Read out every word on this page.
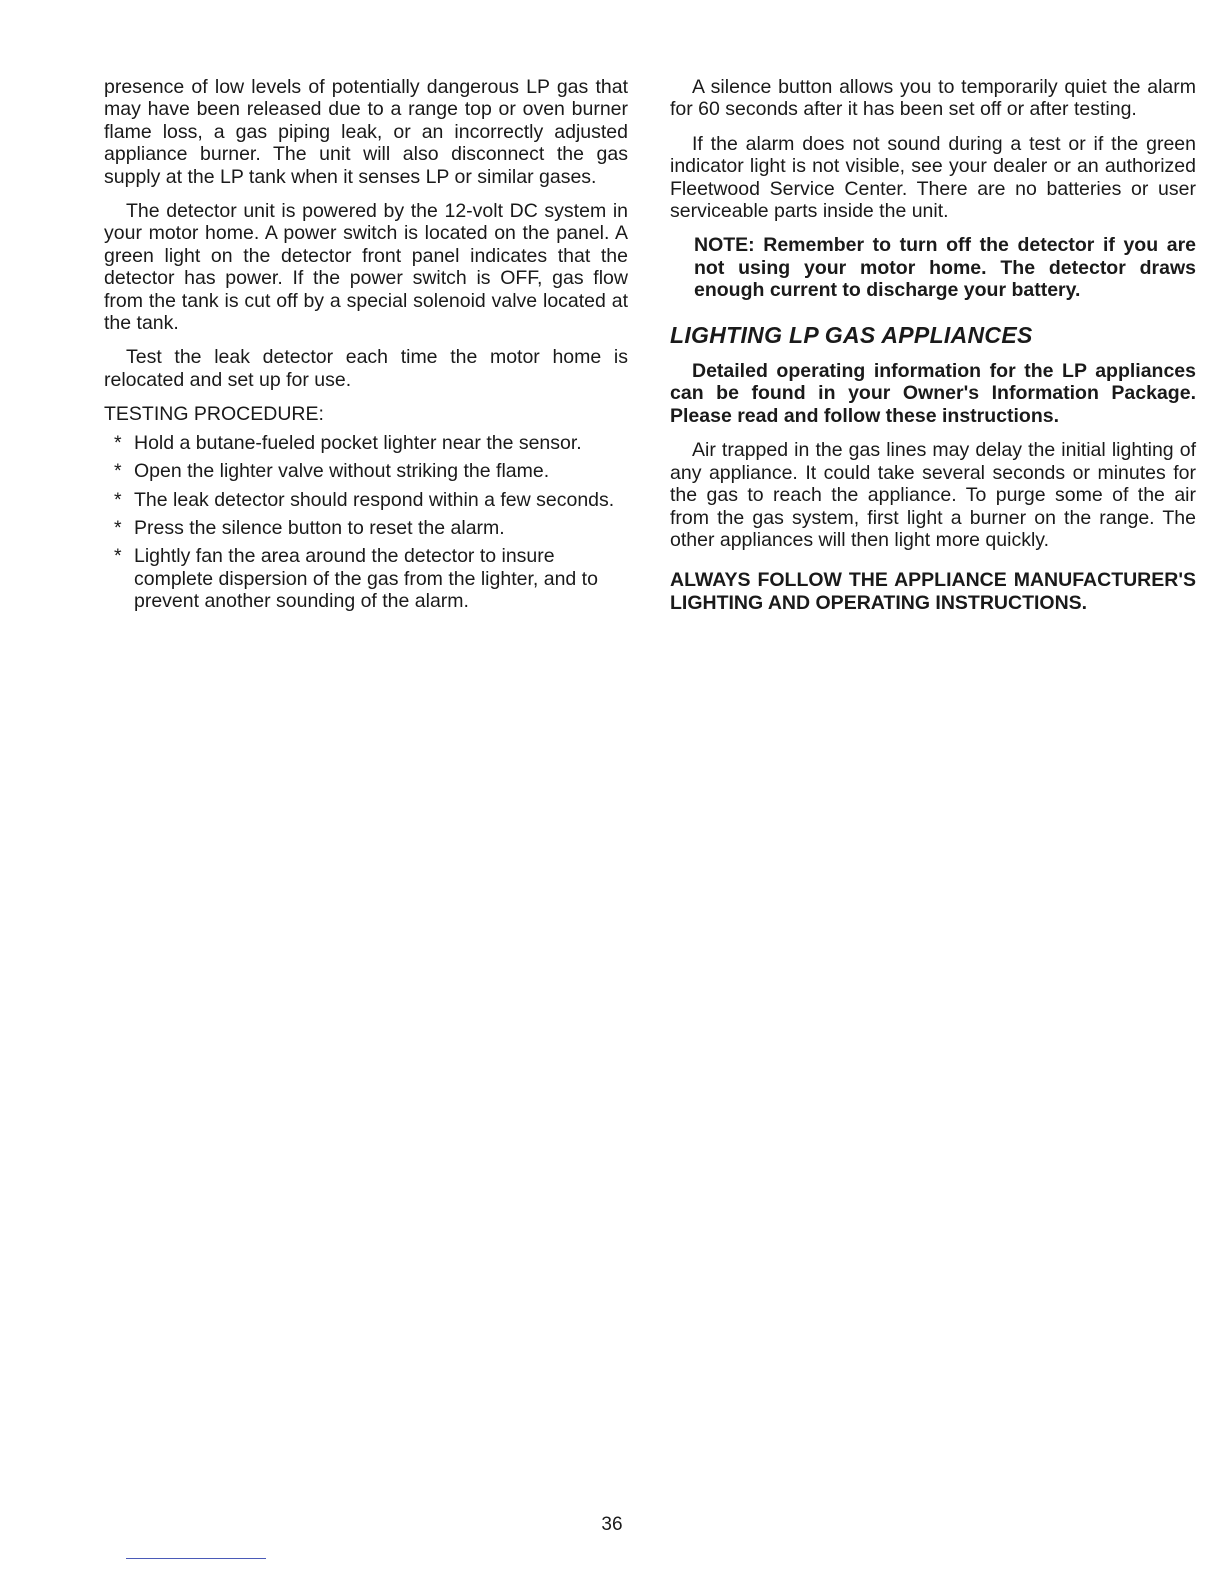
presence of low levels of potentially dangerous LP gas that may have been released due to a range top or oven burner flame loss, a gas piping leak, or an incorrectly adjusted appliance burner. The unit will also disconnect the gas supply at the LP tank when it senses LP or similar gases.

The detector unit is powered by the 12-volt DC system in your motor home. A power switch is located on the panel. A green light on the detector front panel indicates that the detector has power. If the power switch is OFF, gas flow from the tank is cut off by a special solenoid valve located at the tank.

Test the leak detector each time the motor home is relocated and set up for use.

TESTING PROCEDURE:
* Hold a butane-fueled pocket lighter near the sensor.
* Open the lighter valve without striking the flame.
* The leak detector should respond within a few seconds.
* Press the silence button to reset the alarm.
* Lightly fan the area around the detector to insure complete dispersion of the gas from the lighter, and to prevent another sounding of the alarm.

A silence button allows you to temporarily quiet the alarm for 60 seconds after it has been set off or after testing.

If the alarm does not sound during a test or if the green indicator light is not visible, see your dealer or an authorized Fleetwood Service Center. There are no batteries or user serviceable parts inside the unit.

NOTE: Remember to turn off the detector if you are not using your motor home. The detector draws enough current to discharge your battery.

LIGHTING LP GAS APPLIANCES

Detailed operating information for the LP appliances can be found in your Owner's Information Package. Please read and follow these instructions.

Air trapped in the gas lines may delay the initial lighting of any appliance. It could take several seconds or minutes for the gas to reach the appliance. To purge some of the air from the gas system, first light a burner on the range. The other appliances will then light more quickly.

ALWAYS FOLLOW THE APPLIANCE MANUFACTURER'S LIGHTING AND OPERATING INSTRUCTIONS.

36
